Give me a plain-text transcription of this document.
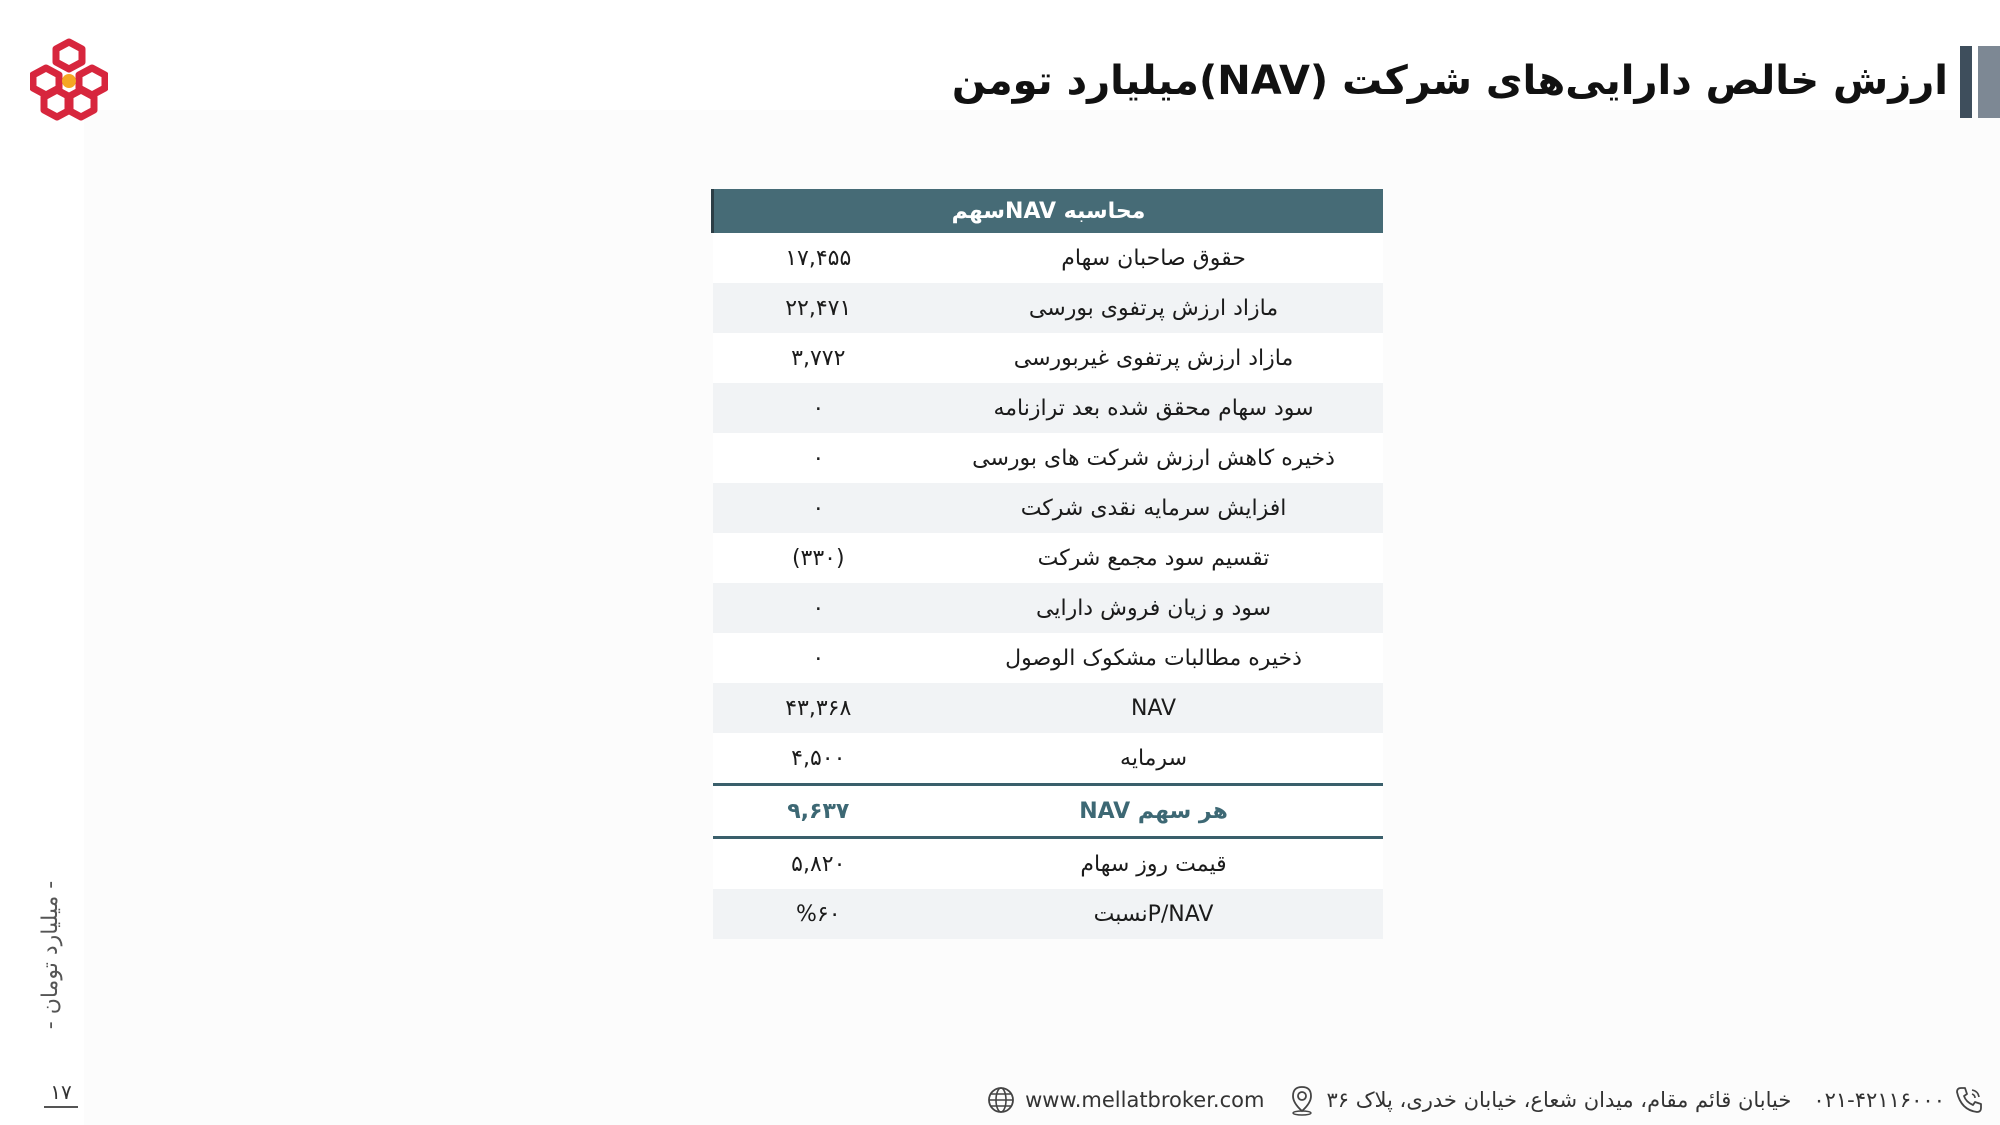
ارزش خالص دارایی‌های شرکت (NAV)میلیارد تومن
محاسبه NAVسهم	
حقوق صاحبان سهام	۱۷,۴۵۵
مازاد ارزش پرتفوی بورسی	۲۲,۴۷۱
مازاد ارزش پرتفوی غیربورسی	۳,۷۷۲
سود سهام محقق شده بعد ترازنامه	۰
ذخیره کاهش ارزش شرکت های بورسی	۰
افزایش سرمایه نقدی شرکت	۰
تقسیم سود مجمع شرکت	(۳۳۰)
سود و زیان فروش دارایی	۰
ذخیره مطالبات مشکوک الوصول	۰
NAV	۴۳,۳۶۸
سرمایه	۴,۵۰۰
هر سهم NAV	۹,۶۳۷
قیمت روز سهام	۵,۸۲۰
P/NAVنسبت	%۶۰
- میلیارد تومان -
۱۷	۰۲۱-۴۲۱۱۶۰۰۰
خیابان قائم مقام، میدان شعاع، خیابان خدری، پلاک ۳۶
www.mellatbroker.com
